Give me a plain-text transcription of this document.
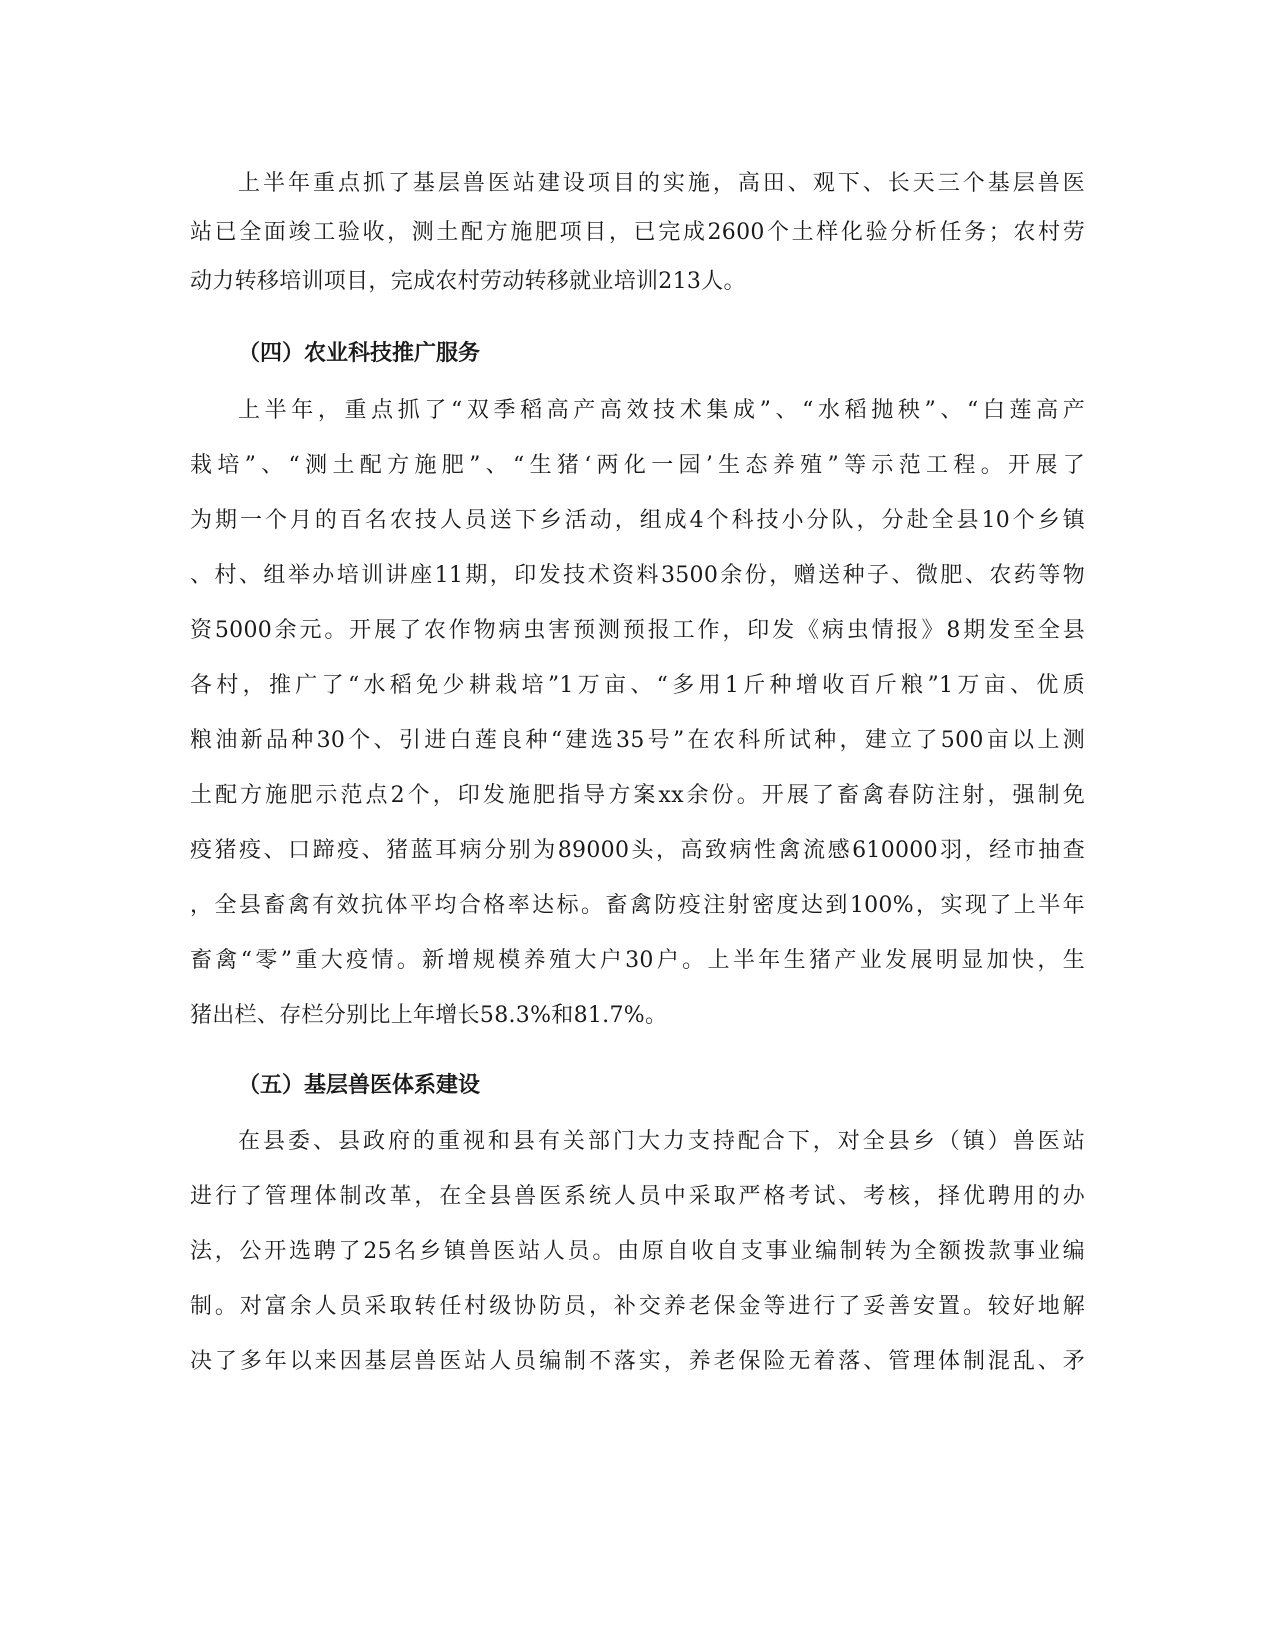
上半年重点抓了基层兽医站建设项目的实施，高田、观下、长天三个基层兽医
站已全面竣工验收，测土配方施肥项目，已完成2600个土样化验分析任务；农村劳
动力转移培训项目，完成农村劳动转移就业培训213人。
（四）农业科技推广服务
上半年，重点抓了“双季稻高产高效技术集成”、“水稻抛秧”、“白莲高产
栽培”、“测土配方施肥”、“生猪‘两化一园’生态养殖”等示范工程。开展了
为期一个月的百名农技人员送下乡活动，组成4个科技小分队，分赴全县10个乡镇
、村、组举办培训讲座11期，印发技术资料3500余份，赠送种子、微肥、农药等物
资5000余元。开展了农作物病虫害预测预报工作，印发《病虫情报》8期发至全县
各村，推广了“水稻免少耕栽培”1万亩、“多用1斤种增收百斤粮”1万亩、优质
粮油新品种30个、引进白莲良种“建选35号”在农科所试种，建立了500亩以上测
土配方施肥示范点2个，印发施肥指导方案xx余份。开展了畜禽春防注射，强制免
疫猪疫、口蹄疫、猪蓝耳病分别为89000头，高致病性禽流感610000羽，经市抽查
，全县畜禽有效抗体平均合格率达标。畜禽防疫注射密度达到100%，实现了上半年
畜禽“零”重大疫情。新增规模养殖大户30户。上半年生猪产业发展明显加快，生
猪出栏、存栏分别比上年增长58.3%和81.7%。
（五）基层兽医体系建设
在县委、县政府的重视和县有关部门大力支持配合下，对全县乡（镇）兽医站
进行了管理体制改革，在全县兽医系统人员中采取严格考试、考核，择优聘用的办
法，公开选聘了25名乡镇兽医站人员。由原自收自支事业编制转为全额拨款事业编
制。对富余人员采取转任村级协防员，补交养老保金等进行了妥善安置。较好地解
决了多年以来因基层兽医站人员编制不落实，养老保险无着落、管理体制混乱、矛
